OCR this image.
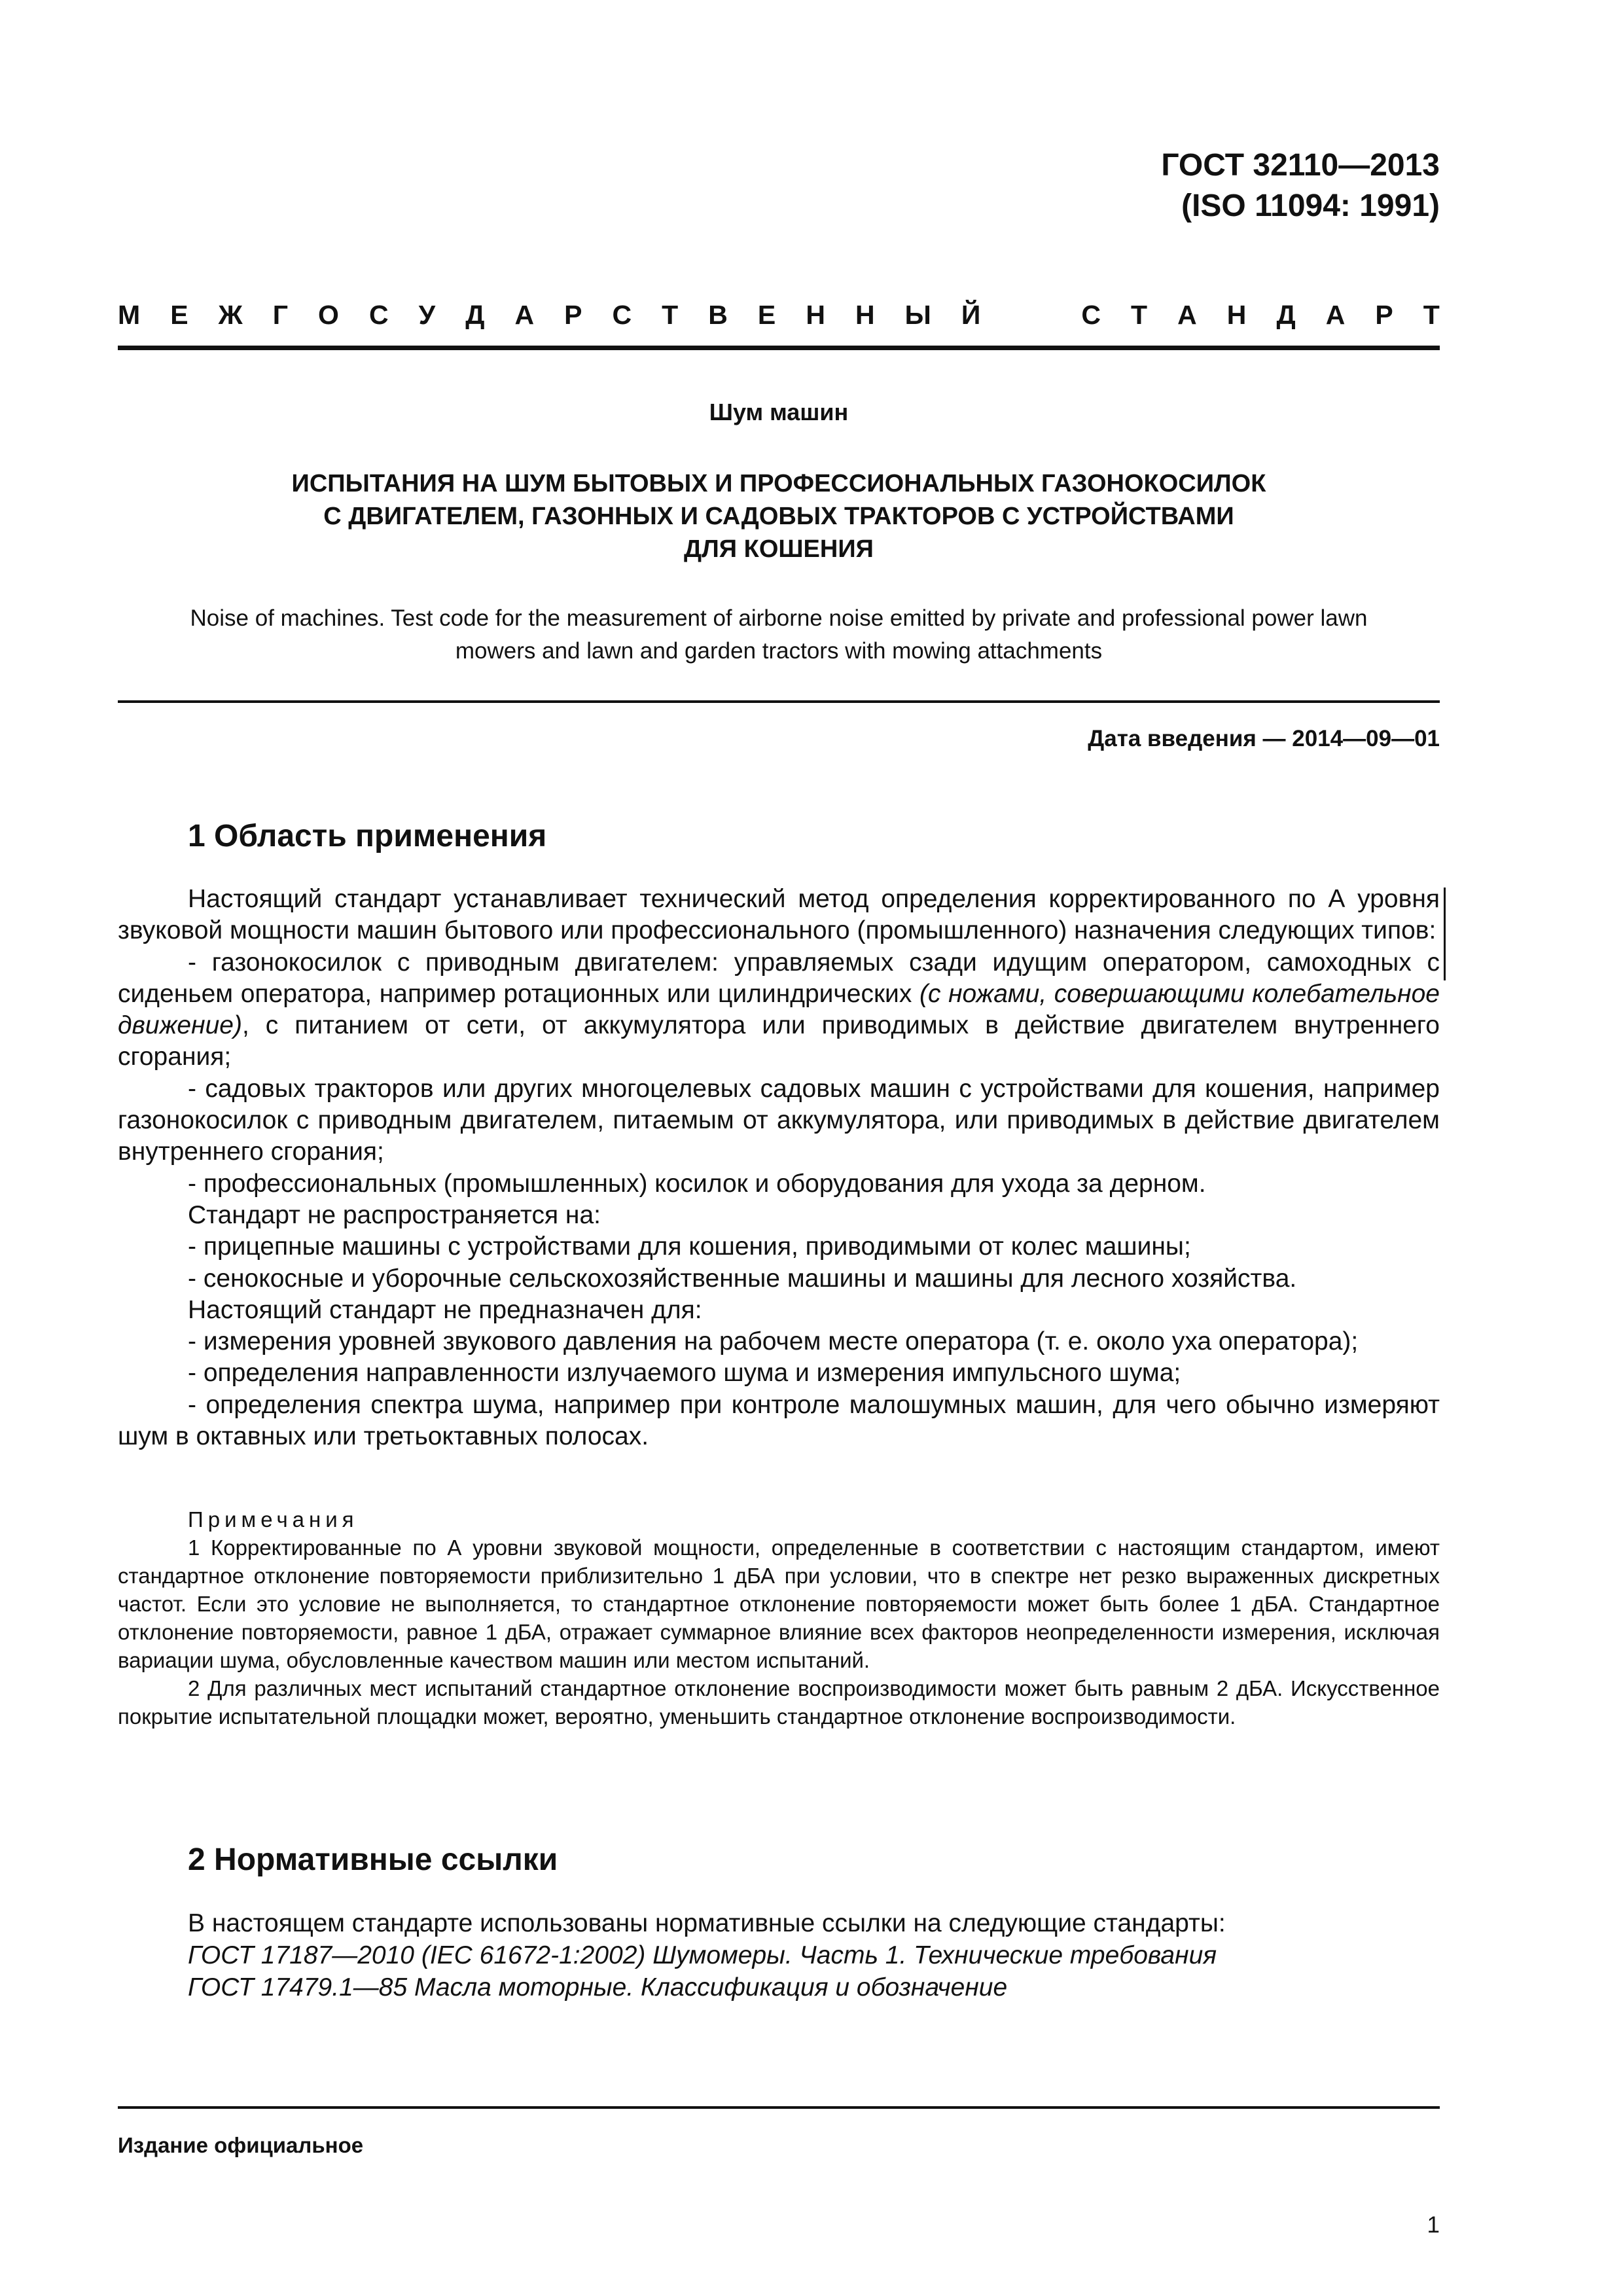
ГОСТ 32110—2013
(ISO 11094: 1991)
М Е Ж Г О С У Д А Р С Т В Е Н Н Ы Й	С Т А Н Д А Р Т
Шум машин
ИСПЫТАНИЯ НА ШУМ БЫТОВЫХ И ПРОФЕССИОНАЛЬНЫХ ГАЗОНОКОСИЛОК
С ДВИГАТЕЛЕМ, ГАЗОННЫХ И САДОВЫХ ТРАКТОРОВ С УСТРОЙСТВАМИ
ДЛЯ КОШЕНИЯ
Noise of machines. Test code for the measurement of airborne noise emitted by private and professional power lawn
mowers and lawn and garden tractors with mowing attachments
Дата введения — 2014—09—01
1 Область применения

Настоящий стандарт устанавливает технический метод определения корректированного по А уровня звуковой мощности машин бытового или профессионального (промышленного) назначения следующих типов:

- газонокосилок с приводным двигателем: управляемых сзади идущим оператором, самоходных с сиденьем оператора, например ротационных или цилиндрических (с ножами, совершающими колебательное движение), с питанием от сети, от аккумулятора или приводимых в действие двигателем внутреннего сгорания;

- садовых тракторов или других многоцелевых садовых машин с устройствами для кошения, например газонокосилок с приводным двигателем, питаемым от аккумулятора, или приводимых в действие двигателем внутреннего сгорания;

- профессиональных (промышленных) косилок и оборудования для ухода за дерном.

Стандарт не распространяется на:

- прицепные машины с устройствами для кошения, приводимыми от колес машины;

- сенокосные и уборочные сельскохозяйственные машины и машины для лесного хозяйства.

Настоящий стандарт не предназначен для:

- измерения уровней звукового давления на рабочем месте оператора (т. е. около уха оператора);

- определения направленности излучаемого шума и измерения импульсного шума;

- определения спектра шума, например при контроле малошумных машин, для чего обычно измеряют шум в октавных или третьоктавных полосах.

Примечания

1 Корректированные по А уровни звуковой мощности, определенные в соответствии с настоящим стандартом, имеют стандартное отклонение повторяемости приблизительно 1 дБА при условии, что в спектре нет резко выраженных дискретных частот. Если это условие не выполняется, то стандартное отклонение повторяемости может быть более 1 дБА. Стандартное отклонение повторяемости, равное 1 дБА, отражает суммарное влияние всех факторов неопределенности измерения, исключая вариации шума, обусловленные качеством машин или местом испытаний.

2 Для различных мест испытаний стандартное отклонение воспроизводимости может быть равным 2 дБА. Искусственное покрытие испытательной площадки может, вероятно, уменьшить стандартное отклонение воспроизводимости.

2 Нормативные ссылки

В настоящем стандарте использованы нормативные ссылки на следующие стандарты:

ГОСТ 17187—2010 (IEC 61672-1:2002) Шумомеры. Часть 1. Технические требования

ГОСТ 17479.1—85 Масла моторные. Классификация и обозначение

Издание официальное
1
